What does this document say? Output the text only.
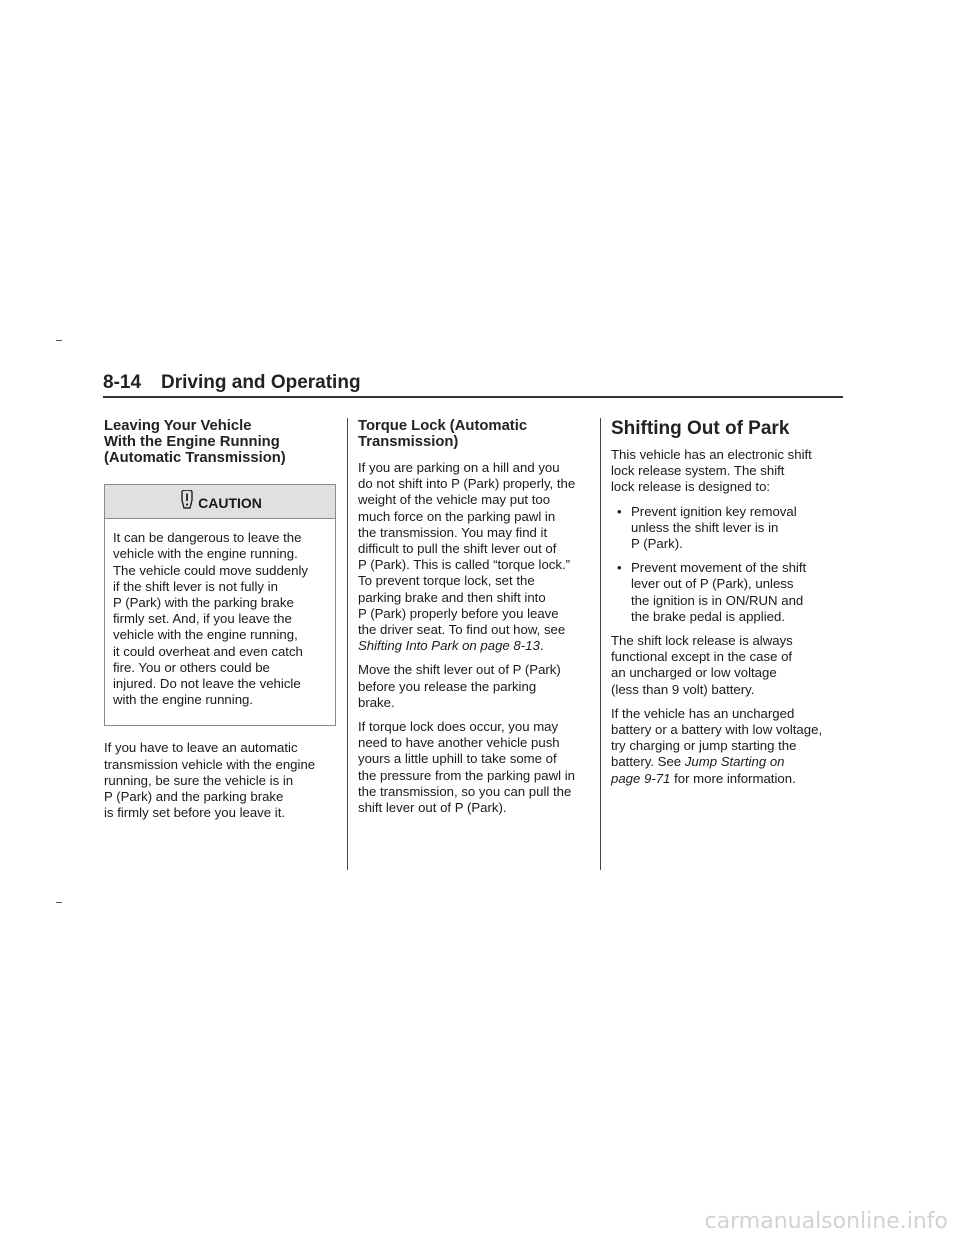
8-14 Driving and Operating
Leaving Your Vehicle
With the Engine Running
(Automatic Transmission)
CAUTION

It can be dangerous to leave the
vehicle with the engine running.
The vehicle could move suddenly
if the shift lever is not fully in
P (Park) with the parking brake
firmly set. And, if you leave the
vehicle with the engine running,
it could overheat and even catch
fire. You or others could be
injured. Do not leave the vehicle
with the engine running.

If you have to leave an automatic
transmission vehicle with the engine
running, be sure the vehicle is in
P (Park) and the parking brake
is firmly set before you leave it.

Torque Lock (Automatic
Transmission)

If you are parking on a hill and you
do not shift into P (Park) properly, the
weight of the vehicle may put too
much force on the parking pawl in
the transmission. You may find it
difficult to pull the shift lever out of
P (Park). This is called “torque lock.”
To prevent torque lock, set the
parking brake and then shift into
P (Park) properly before you leave
the driver seat. To find out how, see
Shifting Into Park on page 8-13.

Move the shift lever out of P (Park)
before you release the parking
brake.

If torque lock does occur, you may
need to have another vehicle push
yours a little uphill to take some of
the pressure from the parking pawl in
the transmission, so you can pull the
shift lever out of P (Park).

Shifting Out of Park

This vehicle has an electronic shift
lock release system. The shift
lock release is designed to:

• Prevent ignition key removal
unless the shift lever is in
P (Park).
• Prevent movement of the shift
lever out of P (Park), unless
the ignition is in ON/RUN and
the brake pedal is applied.

The shift lock release is always
functional except in the case of
an uncharged or low voltage
(less than 9 volt) battery.

If the vehicle has an uncharged
battery or a battery with low voltage,
try charging or jump starting the
battery. See Jump Starting on
page 9-71 for more information.

carmanualsonline.info
